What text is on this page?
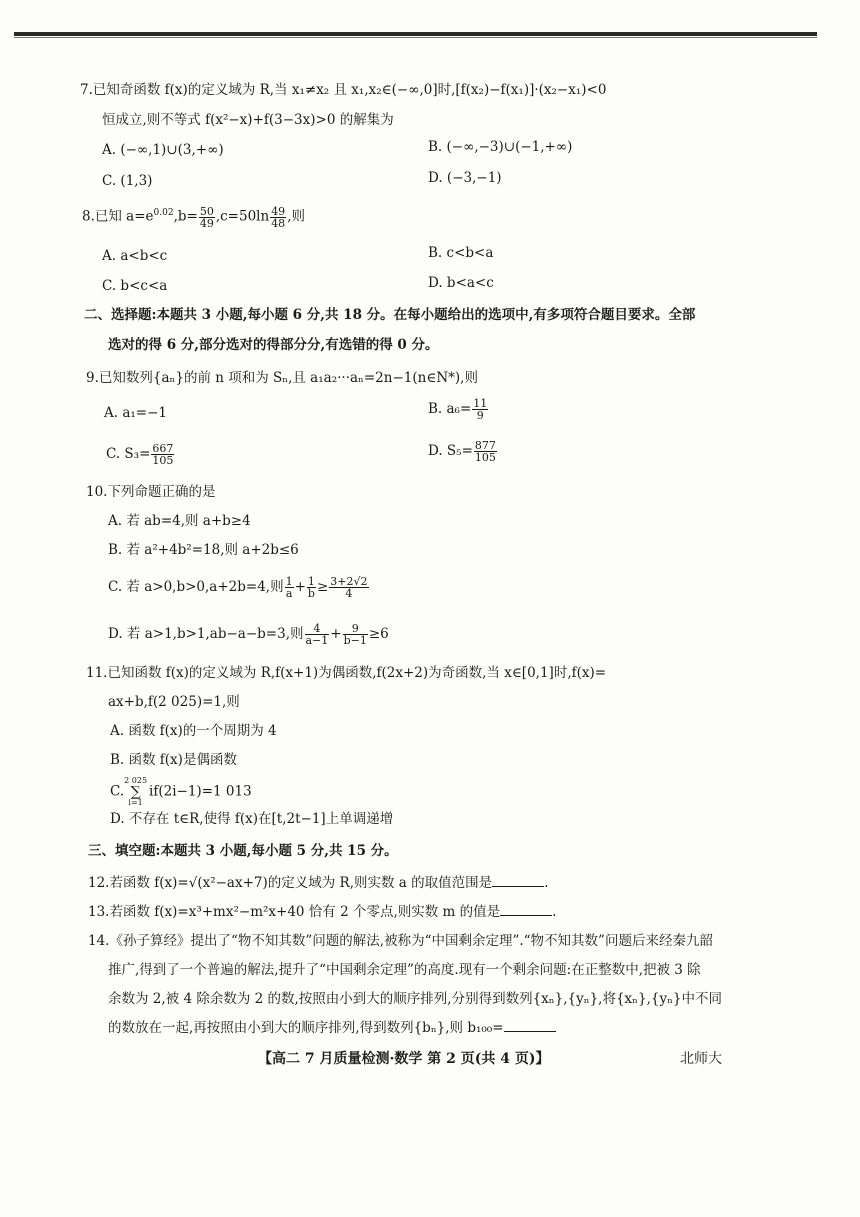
7.已知奇函数 f(x)的定义域为 R,当 x₁≠x₂ 且 x₁,x₂∈(−∞,0]时,[f(x₂)−f(x₁)]·(x₂−x₁)<0
恒成立,则不等式 f(x²−x)+f(3−3x)>0 的解集为
A. (−∞,1)∪(3,+∞)	B. (−∞,−3)∪(−1,+∞)
C. (1,3)	D. (−3,−1)
8.已知 $a=e^{0.02},b= \frac{50}{49} ,c=50\ln \frac{49}{48}$ ,则
A. a<b<c	B. c<b<a
C. b<c<a	D. b<a<c
二、选择题:本题共 3 小题,每小题 6 分,共 18 分。在每小题给出的选项中,有多项符合题目要求。全部
选对的得 6 分,部分选对的得部分分,有选错的得 0 分。
9.已知数列{aₙ}的前 n 项和为 Sₙ,且 a₁a₂···aₙ=2n−1(n∈N*),则
A. a₁=−1	B. $a_6= \frac{11}{9}$
C. $S_3= \frac{667}{105}$	D. $S_5= \frac{877}{105}$
10.下列命题正确的是
A. 若 ab=4,则 a+b≥4
B. 若 a²+4b²=18,则 a+2b≤6
C. 若 a>0,b>0,a+2b=4,则 $\frac{1}{a} + \frac{1}{b} \ge \frac{3+2√2}{4}$
D. 若 a>1,b>1,ab−a−b=3,则 $\frac{4}{a-1} + \frac{9}{b-1} \ge 6$
11.已知函数 f(x)的定义域为 R,f(x+1)为偶函数,f(2x+2)为奇函数,当 x∈[0,1]时,f(x)=
ax+b,f(2 025)=1,则
A. 函数 f(x)的一个周期为 4
B. 函数 f(x)是偶函数
C.2 025
∑
i=1if(2i−1)=1 013
D. 不存在 t∈R,使得 f(x)在[t,2t−1]上单调递增
三、填空题:本题共 3 小题,每小题 5 分,共 15 分。
12.若函数 f(x)=√(x²−ax+7)的定义域为 R,则实数 a 的取值范围是	.
13.若函数 f(x)=x³+mx²−m²x+40 恰有 2 个零点,则实数 m 的值是	.
14.《孙子算经》提出了“物不知其数”问题的解法,被称为“中国剩余定理”.“物不知其数”问题后来经秦九韶
推广,得到了一个普遍的解法,提升了“中国剩余定理”的高度.现有一个剩余问题:在正整数中,把被 3 除
余数为 2,被 4 除余数为 2 的数,按照由小到大的顺序排列,分别得到数列{xₙ},{yₙ},将{xₙ},{yₙ}中不同
的数放在一起,再按照由小到大的顺序排列,得到数列{bₙ},则 b₁₀₀=
【高二 7 月质量检测·数学 第 2 页(共 4 页)】	北师大
